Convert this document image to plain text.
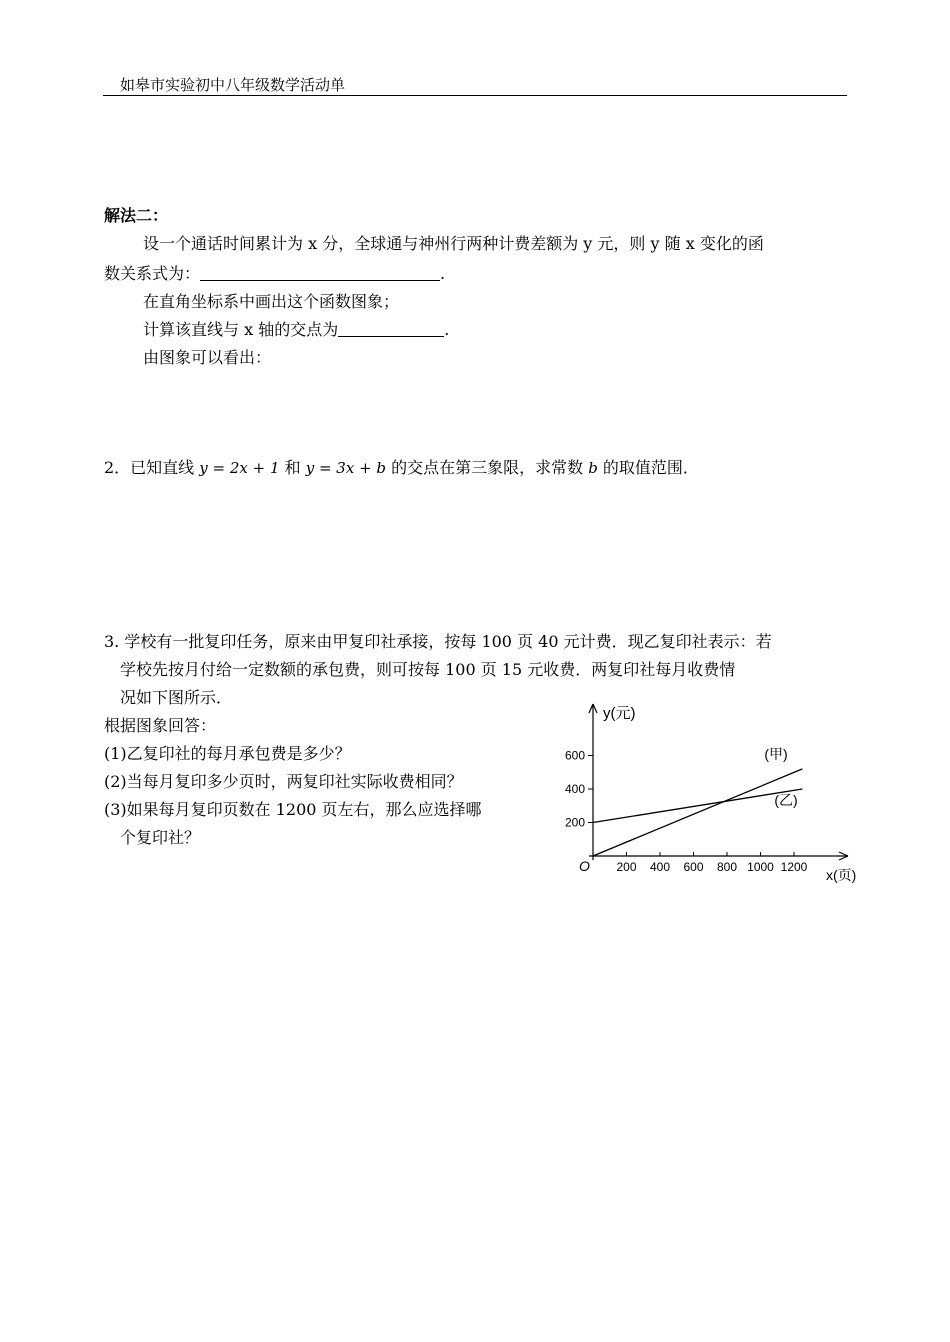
如皋市实验初中八年级数学活动单
解法二：
设一个通话时间累计为 x 分，全球通与神州行两种计费差额为 y 元，则 y 随 x 变化的函
数关系式为：	.
在直角坐标系中画出这个函数图象；
计算该直线与 x 轴的交点为	.
由图象可以看出：
2．已知直线 y = 2x + 1 和 y = 3x + b 的交点在第三象限，求常数 b 的取值范围．
3. 学校有一批复印任务，原来由甲复印社承接，按每 100 页 40 元计费．现乙复印社表示：若
学校先按月付给一定数额的承包费，则可按每 100 页 15 元收费．两复印社每月收费情
况如下图所示．
根据图象回答：
(1)乙复印社的每月承包费是多少？
(2)当每月复印多少页时，两复印社实际收费相同？
(3)如果每月复印页数在 1200 页左右，那么应选择哪
个复印社？
200 400 600 800 1000 1200
200
400
600
O
y(元)
x(页)
(甲)
(乙)
